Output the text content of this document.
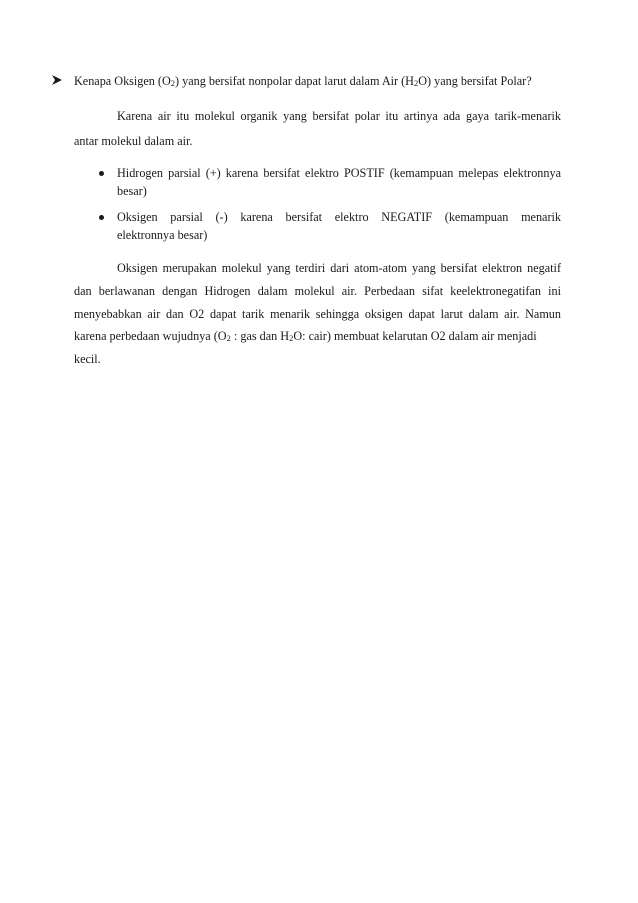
Kenapa Oksigen $(O_2)$ yang bersifat nonpolar dapat larut dalam Air $(H_2O)$ yang bersifat Polar?
Karena air itu molekul organik yang bersifat polar itu artinya ada gaya tarik-menarik
antar molekul dalam air.
Hidrogen parsial (+) karena bersifat elektro POSTIF (kemampuan melepas elektronnya
besar)
Oksigen parsial (-) karena bersifat elektro NEGATIF (kemampuan menarik
elektronnya besar)
Oksigen merupakan molekul yang terdiri dari atom-atom yang bersifat elektron negatif
dan berlawanan dengan Hidrogen dalam molekul air. Perbedaan sifat keelektronegatifan ini
menyebabkan air dan O2 dapat tarik menarik sehingga oksigen dapat larut dalam air. Namun
karena perbedaan wujudnya ($O_2$ : gas dan $H_2O$: cair) membuat kelarutan O2 dalam air menjadi
kecil.
